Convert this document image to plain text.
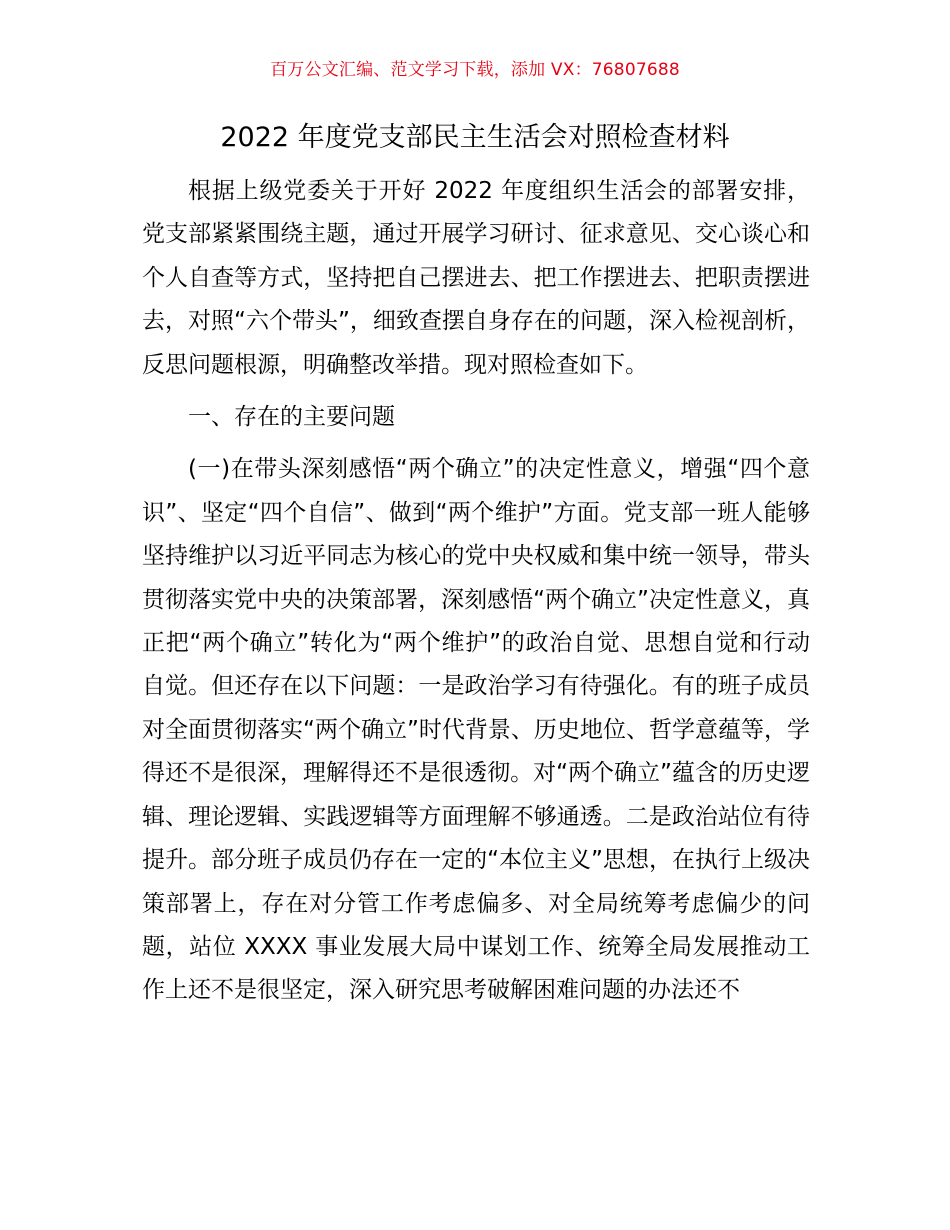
百万公文汇编、范文学习下载，添加 VX：76807688
2022 年度党支部民主生活会对照检查材料

根据上级党委关于开好 2022 年度组织生活会的部署安排，党支部紧紧围绕主题，通过开展学习研讨、征求意见、交心谈心和个人自查等方式，坚持把自己摆进去、把工作摆进去、把职责摆进去，对照“六个带头”，细致查摆自身存在的问题，深入检视剖析，反思问题根源，明确整改举措。现对照检查如下。

一、存在的主要问题

(一)在带头深刻感悟“两个确立”的决定性意义，增强“四个意识”、坚定“四个自信”、做到“两个维护”方面。党支部一班人能够坚持维护以习近平同志为核心的党中央权威和集中统一领导，带头贯彻落实党中央的决策部署，深刻感悟“两个确立”决定性意义，真正把“两个确立”转化为“两个维护”的政治自觉、思想自觉和行动自觉。但还存在以下问题：一是政治学习有待强化。有的班子成员对全面贯彻落实“两个确立”时代背景、历史地位、哲学意蕴等，学得还不是很深，理解得还不是很透彻。对“两个确立”蕴含的历史逻辑、理论逻辑、实践逻辑等方面理解不够通透。二是政治站位有待提升。部分班子成员仍存在一定的“本位主义”思想，在执行上级决策部署上，存在对分管工作考虑偏多、对全局统筹考虑偏少的问题，站位 XXXX 事业发展大局中谋划工作、统筹全局发展推动工作上还不是很坚定，深入研究思考破解困难问题的办法还不
